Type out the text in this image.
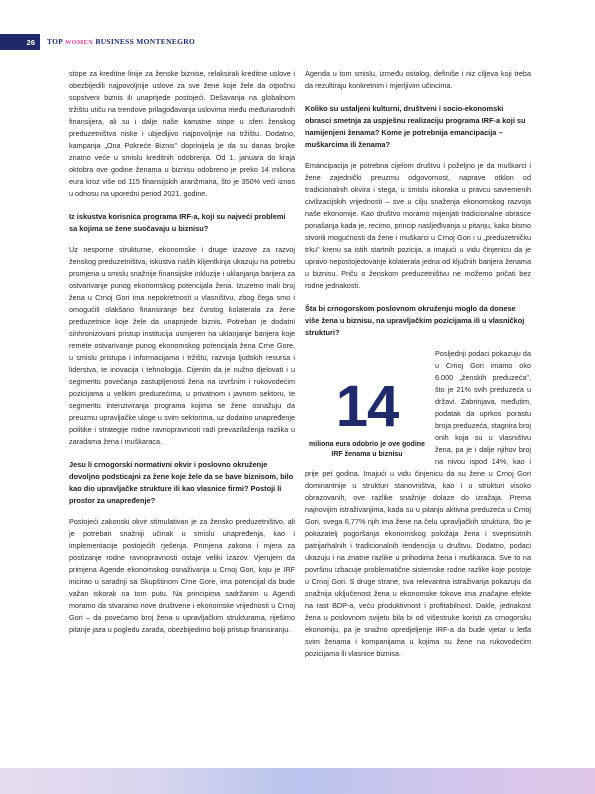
26 TOP WOMEN BUSINESS MONTENEGRO

stope za kreditne linije za ženske biznise, relaksirali kreditne uslove i obezbijedili najpovoljnije uslove za sve žene koje žele da otpočnu sopstveni biznis ili unaprijede postojeći. Dešavanja na globalnom tržištu utiču na trendove prilagođavanja uslovima među međunarodnih finansijera, ali su i dalje naše kamatne stope u sferi ženskog preduzetništva niske i ubjedljivo najpovoljnije na tržištu. Dodatno, kampanja „Ona Pokreće Biznis" doprinijela je da su danas brojke znatno veće u smislu kreditnih odobrenja. Od 1. januara do kraja oktobra ove godine ženama u biznisu odobreno je preko 14 miliona eura kroz više od 115 finansijskih aranžmana, što je 350% veći iznos u odnosu na uporedni period 2021. godine.

Iz iskustva korisnica programa IRF-a, koji su najveći problemi sa kojima se žene suočavaju u biznisu?

Uz nesporne strukturne, ekonomske i druge izazove za razvoj ženskog preduzetništva, iskustva naših klijentkinja ukazuju na potrebu promjena u smislu snažnije finansijske inkluzije i uklanjanja barijera za ostvarivanje punog ekonomskog potencijala žena. Izuzetno mali broj žena u Crnoj Gori ima nepokretnosti u vlasništvu, zbog čega smo i omogućili olakšano finansiranje bez čvrstog kolaterala za žene preduzetnice koje žele da unaprijede biznis. Potreban je dodatni sinhronizovani pristup institucija usmjeren na uklanjanje barijera koje remete ostvarivanje punog ekonomskog potencijala žena Crne Gore, u smislu pristupa i informacijama i tržištu, razvoja ljudskih resursa i liderstva, te inovacija i tehnologija. Cijenim da je nužno djelovati i u segmentu povećanja zastupljenosti žena na izvršnim i rukovodećim pozicijama u velikim preduzećima, u privatnom i javnom sektoru, te segmentu intenziviranja programa kojima se žene osnažuju da preuzmu upravljačke uloge u svim sektorima, uz dodatno unapređenje politike i strategije rodne ravnopravnosti radi prevazilaženja razlika u zaradama žena i muškaraca.

Jesu li crnogorski normativni okvir i poslovno okruženje dovoljno podsticajni za žene koje žele da se bave biznisom, bilo kao dio upravljačke strukture ili kao vlasnice firmi? Postoji li prostor za unapređenje?

Postojeći zakonski okvir stimulativan je za žensko preduzetništvo, ali je potreban snažniji učinak u smislu unapređenja, kao i implementacije postojećih rješenja. Primjena zakona i mjera za postizanje rodne ravnopravnosti ostaje veliki izazov. Vjerujem da primjena Agende ekonomskog osnaživanja u Crnoj Gori, koju je IRF inicirao u saradnji sa Skupštinom Crne Gore, ima potencijal da bude važan iskorak na tom putu. Na principima sadržanim u Agendi moramo da stvaramo nove društvene i ekonomske vrijednosti u Crnoj Gori – da povećamo broj žena u upravljačkim strukturama, riješimo pitanje jaza u pogledu zarada, obezbijedimo bolji pristup finansiranju.

Agenda u tom smislu, između ostalog, definiše i niz ciljeva koji treba da rezultiraju konkretnim i mjerljivim učincima.

Koliko su ustaljeni kulturni, društveni i socio-ekonomski obrasci smetnja za uspješnu realizaciju programa IRF-a koji su namijenjeni ženama? Kome je potrebnija emancipacija – muškarcima ili ženama?

Emancipacija je potrebna cijelom društvu i poželjno je da muškarci i žene zajednički preuzmu odgovornost, naprave otklon od tradicionalnih okvira i stega, u smislu iskoraka u pravcu savremenih civilizacijskih vrijednosti – sve u cilju snaženja ekonomskog razvoja naše ekonomije. Kao društvo moramo mijenjati tradicionalne obrasce ponašanja kada je, recimo, princip nasljeđivanja u pitanju, kako bismo stvorili mogućnosti da žene i muškarci u Crnoj Gori i u „preduzetničku trku" krenu sa istih startnih pozicija, a imajući u vidu činjenicu da je upravo nepostojedovanje kolaterala jedna od ključnih barijera ženama u biznisu. Priču o ženskom preduzetništvu ne možemo pričati bez rodne jednakosti.

Šta bi crnogorskom poslovnom okruženju moglo da donese više žena u biznisu, na upravljačkim pozicijama ili u vlasničkoj strukturi?

14
miliona eura odobrio je ove godine IRF ženama u biznisu
Posljednji podaci pokazuju da u Crnoj Gori imamo oko 6.000 „ženskih preduzeća", što je 21% svih preduzeća u državi. Zabrinjava, međutim, podatak da uprkos porastu broja preduzeća, stagnira broj onih koja su u vlasništvu žena, pa je i dalje njihov broj na nivou ispod 14%, kao i prije pet godina. Imajući u vidu činjenicu da su žene u Crnoj Gori dominantnije u strukturi stanovništva, kao i u strukturi visoko obrazovanih, ove razlike snažnije dolaze do izražaja. Prema najnovijim istraživanjima, kada su u pitanju aktivna preduzeća u Crnoj Gori, svega 6,77% njih ima žene na čelu upravljačkih struktura, što je pokazatelj pogoršanja ekonomskog položaja žena i sveprisutnih patrijarhalnih i tradicionalnih tendencija u društvu. Dodatno, podaci ukazuju i na znatne razlike u prihodima žena i muškaraca. Sve to na površinu izbacuje problematične sistemske rodne razlike koje postoje u Crnoj Gori. S druge strane, sva relevantna istraživanja pokazuju da snažnija uključenost žena u ekonomske tokove ima značajne efekte na rast BDP-a, veću produktivnost i profitabilnost. Dakle, jednakost žena u poslovnom svijetu bila bi od višestruke koristi za crnogorsku ekonomiju, pa je snažno opredjeljenje IRF-a da bude vjetar u leđa svim ženama i kompanijama u kojima su žene na rukovodećim pozicijama ili vlasnice biznisa.
